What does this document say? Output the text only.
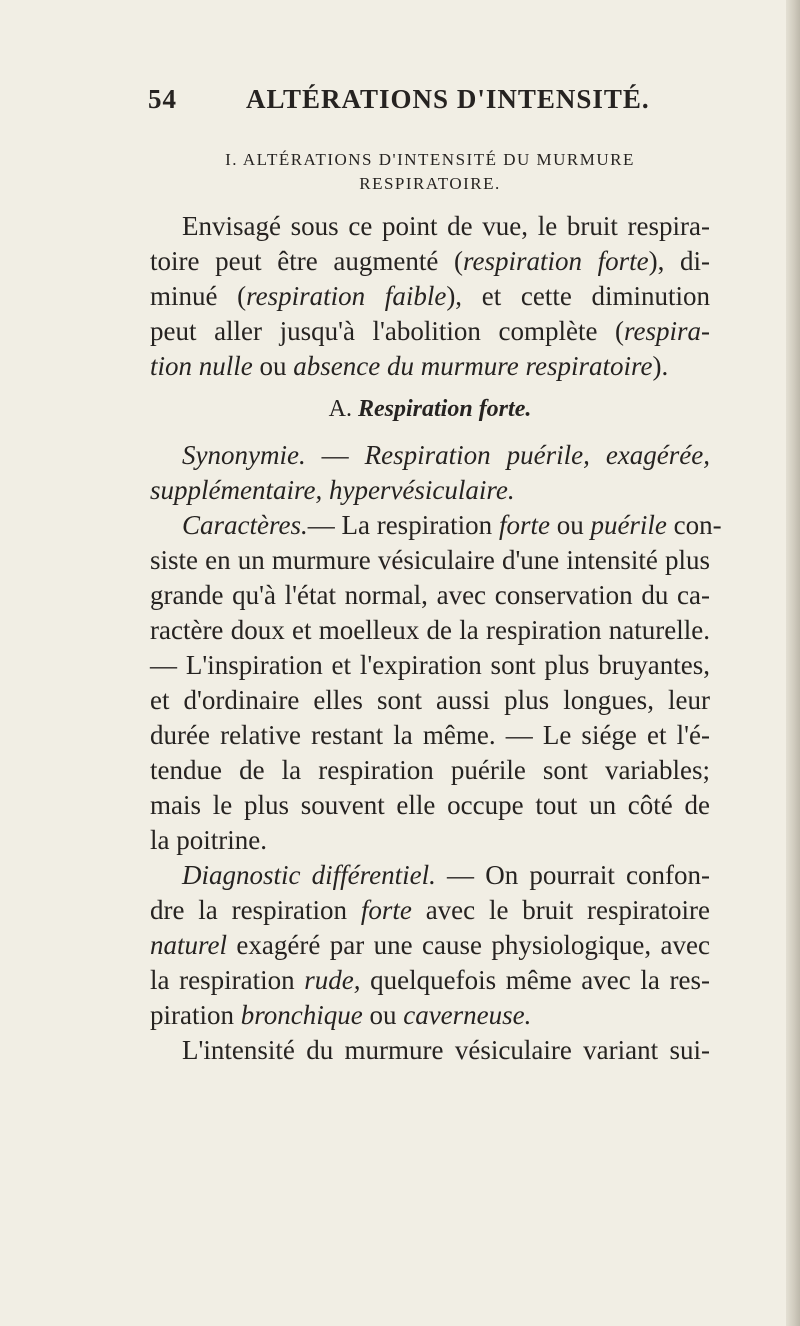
54	ALTÉRATIONS D'INTENSITÉ.
I. ALTÉRATIONS D'INTENSITÉ DU MURMURE
RESPIRATOIRE.
Envisagé sous ce point de vue, le bruit respira-
toire peut être augmenté (respiration forte), di-
minué (respiration faible), et cette diminution
peut aller jusqu'à l'abolition complète (respira-
tion nulle ou absence du murmure respiratoire).
A. Respiration forte.
Synonymie. — Respiration puérile, exagérée,
supplémentaire, hypervésiculaire.
Caractères.— La respiration forte ou puérile con-
siste en un murmure vésiculaire d'une intensité plus
grande qu'à l'état normal, avec conservation du ca-
ractère doux et moelleux de la respiration naturelle.
— L'inspiration et l'expiration sont plus bruyantes,
et d'ordinaire elles sont aussi plus longues, leur
durée relative restant la même. — Le siége et l'é-
tendue de la respiration puérile sont variables;
mais le plus souvent elle occupe tout un côté de
la poitrine.
Diagnostic différentiel. — On pourrait confon-
dre la respiration forte avec le bruit respiratoire
naturel exagéré par une cause physiologique, avec
la respiration rude, quelquefois même avec la res-
piration bronchique ou caverneuse.
L'intensité du murmure vésiculaire variant sui-
